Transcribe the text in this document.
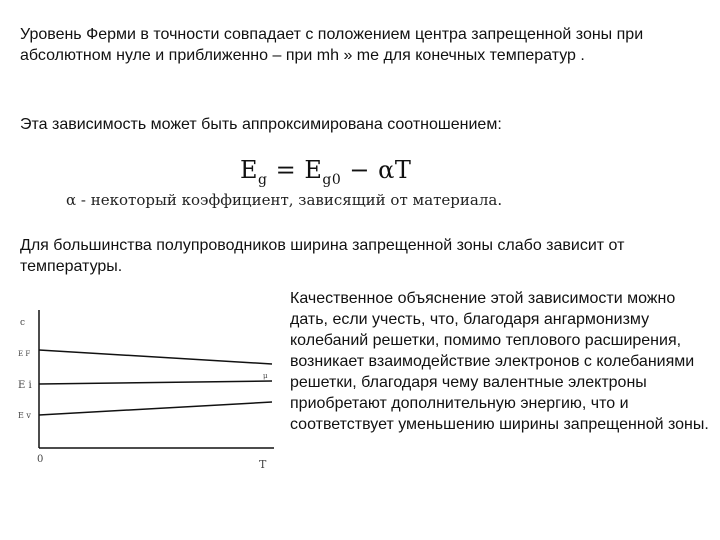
Уровень Ферми в точности совпадает с положением центра запрещенной зоны при абсолютном нуле и приближенно – при mh » me для конечных температур .
Эта зависимость может быть аппроксимирована соотношением:
$E_g = E_{g0} - \alpha T$
α - некоторый коэффициент, зависящий от материала.
Для большинства полупроводников ширина запрещенной зоны слабо зависит от температуры.
c
E F
E i
E v
μ
0	T
Качественное объяснение этой зависимости можно дать, если учесть, что, благодаря ангармонизму колебаний решетки, помимо теплового расширения, возникает взаимодействие электронов с колебаниями решетки, благодаря чему валентные электроны приобретают дополнительную энергию, что и соответствует уменьшению ширины запрещенной зоны.
